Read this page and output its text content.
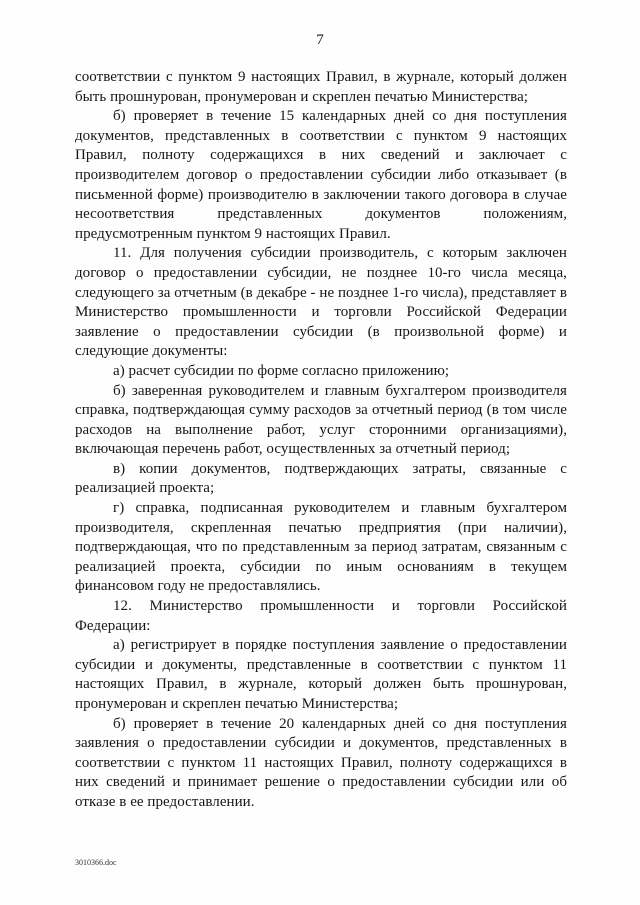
7

соответствии с пунктом 9 настоящих Правил, в журнале, который должен быть прошнурован, пронумерован и скреплен печатью Министерства;

б) проверяет в течение 15 календарных дней со дня поступления документов, представленных в соответствии с пунктом 9 настоящих Правил, полноту содержащихся в них сведений и заключает с производителем договор о предоставлении субсидии либо отказывает (в письменной форме) производителю в заключении такого договора в случае несоответствия представленных документов положениям, предусмотренным пунктом 9 настоящих Правил.

11. Для получения субсидии производитель, с которым заключен договор о предоставлении субсидии, не позднее 10-го числа месяца, следующего за отчетным (в декабре - не позднее 1-го числа), представляет в Министерство промышленности и торговли Российской Федерации заявление о предоставлении субсидии (в произвольной форме) и следующие документы:

а) расчет субсидии по форме согласно приложению;

б) заверенная руководителем и главным бухгалтером производителя справка, подтверждающая сумму расходов за отчетный период (в том числе расходов на выполнение работ, услуг сторонними организациями), включающая перечень работ, осуществленных за отчетный период;

в) копии документов, подтверждающих затраты, связанные с реализацией проекта;

г) справка, подписанная руководителем и главным бухгалтером производителя, скрепленная печатью предприятия (при наличии), подтверждающая, что по представленным за период затратам, связанным с реализацией проекта, субсидии по иным основаниям в текущем финансовом году не предоставлялись.

12. Министерство промышленности и торговли Российской Федерации:

а) регистрирует в порядке поступления заявление о предоставлении субсидии и документы, представленные в соответствии с пунктом 11 настоящих Правил, в журнале, который должен быть прошнурован, пронумерован и скреплен печатью Министерства;

б) проверяет в течение 20 календарных дней со дня поступления заявления о предоставлении субсидии и документов, представленных в соответствии с пунктом 11 настоящих Правил, полноту содержащихся в них сведений и принимает решение о предоставлении субсидии или об отказе в ее предоставлении.

3010366.doc
